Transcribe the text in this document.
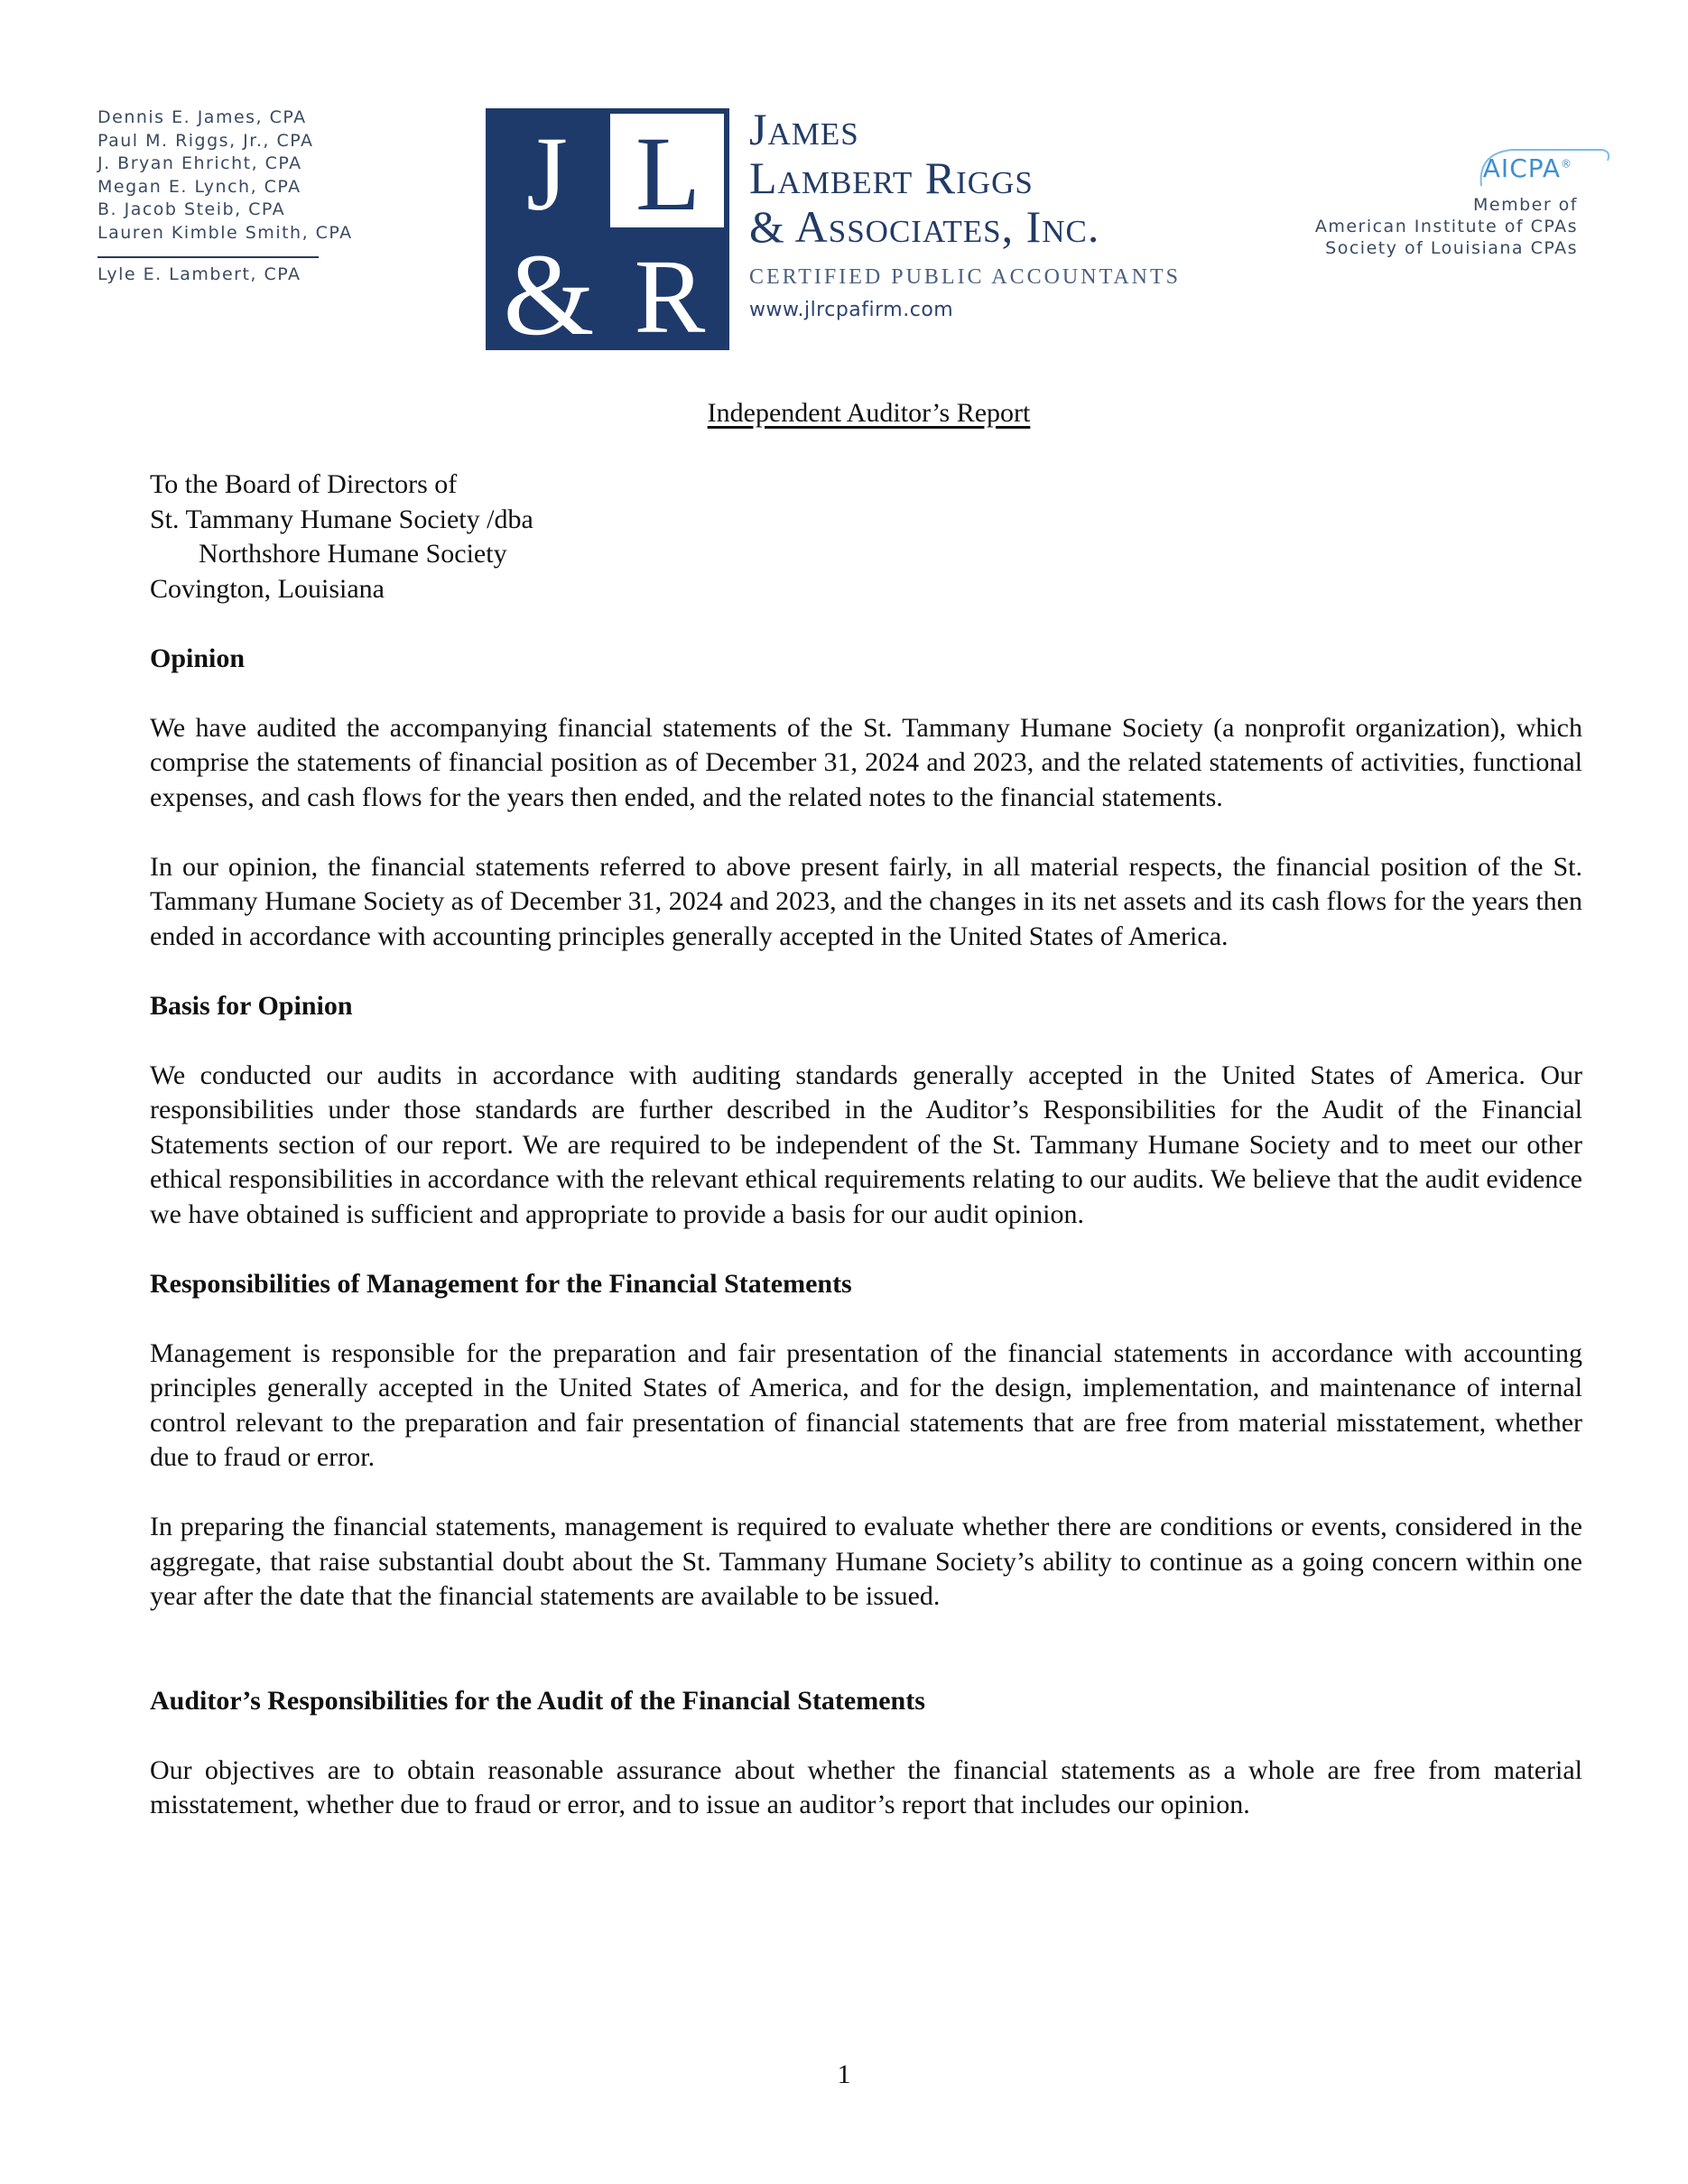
Dennis E. James, CPA
Paul M. Riggs, Jr., CPA
J. Bryan Ehricht, CPA
Megan E. Lynch, CPA
B. Jacob Steib, CPA
Lauren Kimble Smith, CPA
Lyle E. Lambert, CPA
J L
& R
James
Lambert Riggs
& Associates, Inc.
CERTIFIED PUBLIC ACCOUNTANTS
www.jlrcpafirm.com
AICPA®
Member of
American Institute of CPAs
Society of Louisiana CPAs
Independent Auditor’s Report
To the Board of Directors of
St. Tammany Humane Society /dba
Northshore Humane Society
Covington, Louisiana
Opinion

We have audited the accompanying financial statements of the St. Tammany Humane Society (a nonprofit organization), which comprise the statements of financial position as of December 31, 2024 and 2023, and the related statements of activities, functional expenses, and cash flows for the years then ended, and the related notes to the financial statements.

In our opinion, the financial statements referred to above present fairly, in all material respects, the financial position of the St. Tammany Humane Society as of December 31, 2024 and 2023, and the changes in its net assets and its cash flows for the years then ended in accordance with accounting principles generally accepted in the United States of America.

Basis for Opinion

We conducted our audits in accordance with auditing standards generally accepted in the United States of America. Our responsibilities under those standards are further described in the Auditor’s Responsibilities for the Audit of the Financial Statements section of our report. We are required to be independent of the St. Tammany Humane Society and to meet our other ethical responsibilities in accordance with the relevant ethical requirements relating to our audits. We believe that the audit evidence we have obtained is sufficient and appropriate to provide a basis for our audit opinion.

Responsibilities of Management for the Financial Statements

Management is responsible for the preparation and fair presentation of the financial statements in accordance with accounting principles generally accepted in the United States of America, and for the design, implementation, and maintenance of internal control relevant to the preparation and fair presentation of financial statements that are free from material misstatement, whether due to fraud or error.

In preparing the financial statements, management is required to evaluate whether there are conditions or events, considered in the aggregate, that raise substantial doubt about the St. Tammany Humane Society’s ability to continue as a going concern within one year after the date that the financial statements are available to be issued.

Auditor’s Responsibilities for the Audit of the Financial Statements

Our objectives are to obtain reasonable assurance about whether the financial statements as a whole are free from material misstatement, whether due to fraud or error, and to issue an auditor’s report that includes our opinion.

1
